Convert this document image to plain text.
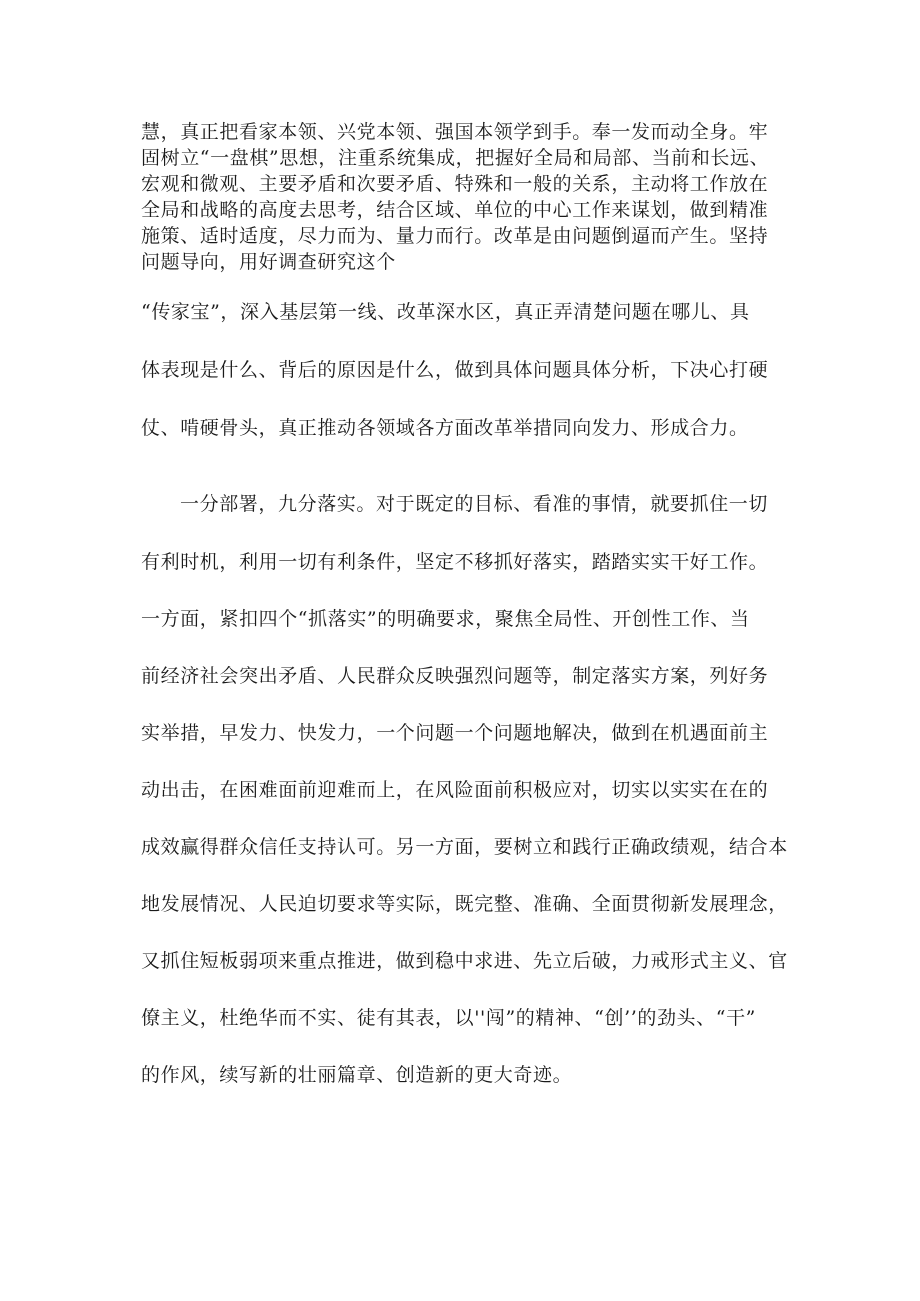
慧，真正把看家本领、兴党本领、强国本领学到手。奉一发而动全身。牢
固树立“一盘棋”思想，注重系统集成，把握好全局和局部、当前和长远、
宏观和微观、主要矛盾和次要矛盾、特殊和一般的关系，主动将工作放在
全局和战略的高度去思考，结合区域、单位的中心工作来谋划，做到精准
施策、适时适度，尽力而为、量力而行。改革是由问题倒逼而产生。坚持
问题导向，用好调查研究这个
“传家宝”，深入基层第一线、改革深水区，真正弄清楚问题在哪儿、具
体表现是什么、背后的原因是什么，做到具体问题具体分析，下决心打硬
仗、啃硬骨头，真正推动各领域各方面改革举措同向发力、形成合力。
一分部署，九分落实。对于既定的目标、看准的事情，就要抓住一切
有利时机，利用一切有利条件，坚定不移抓好落实，踏踏实实干好工作。
一方面，紧扣四个“抓落实”的明确要求，聚焦全局性、开创性工作、当
前经济社会突出矛盾、人民群众反映强烈问题等，制定落实方案，列好务
实举措，早发力、快发力，一个问题一个问题地解决，做到在机遇面前主
动出击，在困难面前迎难而上，在风险面前积极应对，切实以实实在在的
成效赢得群众信任支持认可。另一方面，要树立和践行正确政绩观，结合本
地发展情况、人民迫切要求等实际，既完整、准确、全面贯彻新发展理念，
又抓住短板弱项来重点推进，做到稳中求进、先立后破，力戒形式主义、官
僚主义，杜绝华而不实、徒有其表，以''闯”的精神、“创’’的劲头、“干”
的作风，续写新的壮丽篇章、创造新的更大奇迹。
